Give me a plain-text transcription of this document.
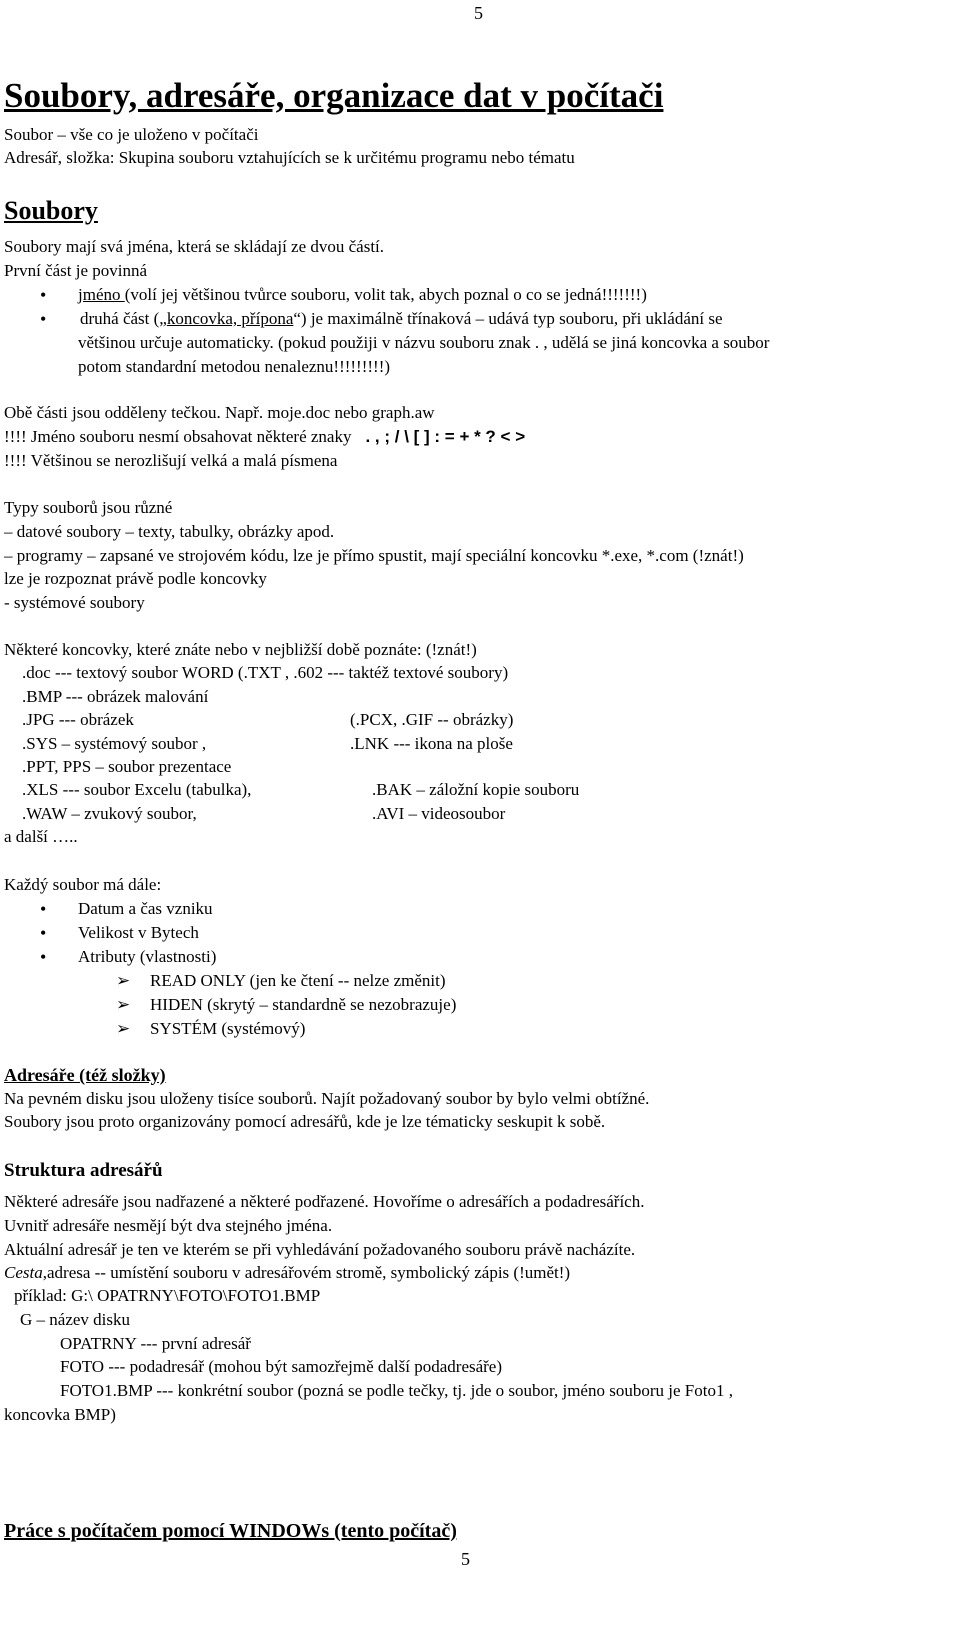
5
Soubory, adresáře, organizace dat v počítači
Soubor – vše co je uloženo v počítači
Adresář, složka: Skupina souboru vztahujících se k určitému programu nebo tématu
Soubory
Soubory mají svá jména, která se skládají ze dvou částí.
První část je povinná
• jméno (volí jej většinou tvůrce souboru, volit tak, abych poznal o co se jedná!!!!!!!)
• druhá část („koncovka, přípona“) je maximálně třínaková – udává typ souboru, při ukládání se
většinou určuje automaticky. (pokud použiji v názvu souboru znak . , udělá se jiná koncovka a soubor
potom standardní metodou nenaleznu!!!!!!!!!)
Obě části jsou odděleny tečkou. Např. moje.doc nebo graph.aw
!!!! Jméno souboru nesmí obsahovat některé znaky . , ; / \ [ ] : = + * ? < >
!!!! Většinou se nerozlišují velká a malá písmena
Typy souborů jsou různé
– datové soubory – texty, tabulky, obrázky apod.
– programy – zapsané ve strojovém kódu, lze je přímo spustit, mají speciální koncovku *.exe, *.com (!znát!)
lze je rozpoznat právě podle koncovky
- systémové soubory
Některé koncovky, které znáte nebo v nejbližší době poznáte: (!znát!)
.doc --- textový soubor WORD (.TXT , .602 --- taktéž textové soubory)
.BMP --- obrázek malování
.JPG --- obrázek	(.PCX, .GIF -- obrázky)
.SYS – systémový soubor ,	.LNK --- ikona na ploše
.PPT, PPS – soubor prezentace
.XLS --- soubor Excelu (tabulka),	.BAK – záložní kopie souboru
.WAW – zvukový soubor,	.AVI – videosoubor
a další …..
Každý soubor má dále:
• Datum a čas vzniku
• Velikost v Bytech
• Atributy (vlastnosti)
➢ READ ONLY (jen ke čtení -- nelze změnit)
➢ HIDEN (skrytý – standardně se nezobrazuje)
➢ SYSTÉM (systémový)
Adresáře (též složky)
Na pevném disku jsou uloženy tisíce souborů. Najít požadovaný soubor by bylo velmi obtížné.
Soubory jsou proto organizovány pomocí adresářů, kde je lze tématicky seskupit k sobě.
Struktura adresářů
Některé adresáře jsou nadřazené a některé podřazené. Hovoříme o adresářích a podadresářích.
Uvnitř adresáře nesmějí být dva stejného jména.
Aktuální adresář je ten ve kterém se při vyhledávání požadovaného souboru právě nacházíte.
Cesta,adresa -- umístění souboru v adresářovém stromě, symbolický zápis (!umět!)
příklad: G:\ OPATRNY\FOTO\FOTO1.BMP
G – název disku
OPATRNY --- první adresář
FOTO --- podadresář (mohou být samozřejmě další podadresáře)
FOTO1.BMP --- konkrétní soubor (pozná se podle tečky, tj. jde o soubor, jméno souboru je Foto1 ,
koncovka BMP)
Práce s počítačem pomocí WINDOWs (tento počítač)
5
